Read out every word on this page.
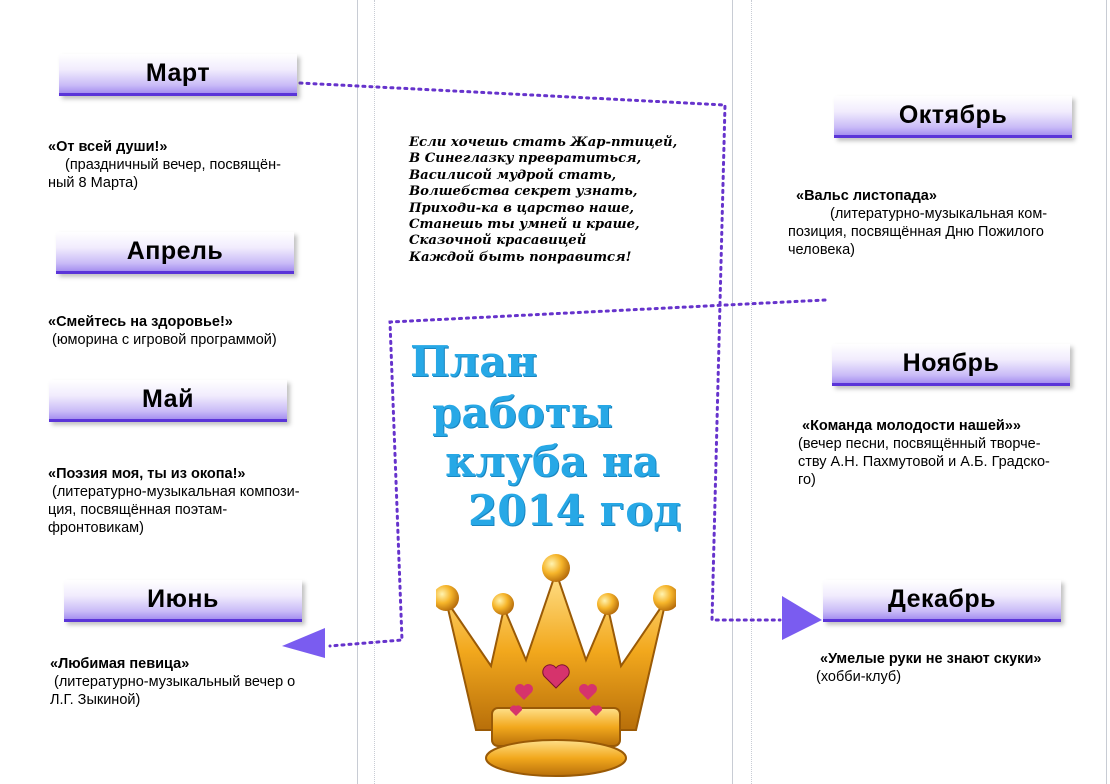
Март
«От всей души!»
(праздничный вечер, посвящён-
ный 8 Марта)
Апрель
«Смейтесь на здоровье!»
(юморина с игровой программой)
Май
«Поэзия моя, ты из окопа!»
(литературно-музыкальная компози-
ция, посвящённая поэтам-
фронтовикам)
Июнь
«Любимая певица»
(литературно-музыкальный вечер о
Л.Г. Зыкиной)
Если хочешь стать Жар-птицей,
В Синеглазку превратиться,
Василисой мудрой стать,
Волшебства секрет узнать,
Приходи-ка в царство наше,
Станешь ты умней и краше,
Сказочной красавицей
Каждой быть понравится!
План
работы
клуба на
2014 год
Октябрь
«Вальс листопада»
(литературно-музыкальная ком-
позиция, посвящённая Дню Пожилого
человека)
Ноябрь
«Команда молодости нашей»»
(вечер песни, посвящённый творче-
ству А.Н. Пахмутовой и А.Б. Градско-
го)
Декабрь
«Умелые руки не знают скуки»
(хобби-клуб)
